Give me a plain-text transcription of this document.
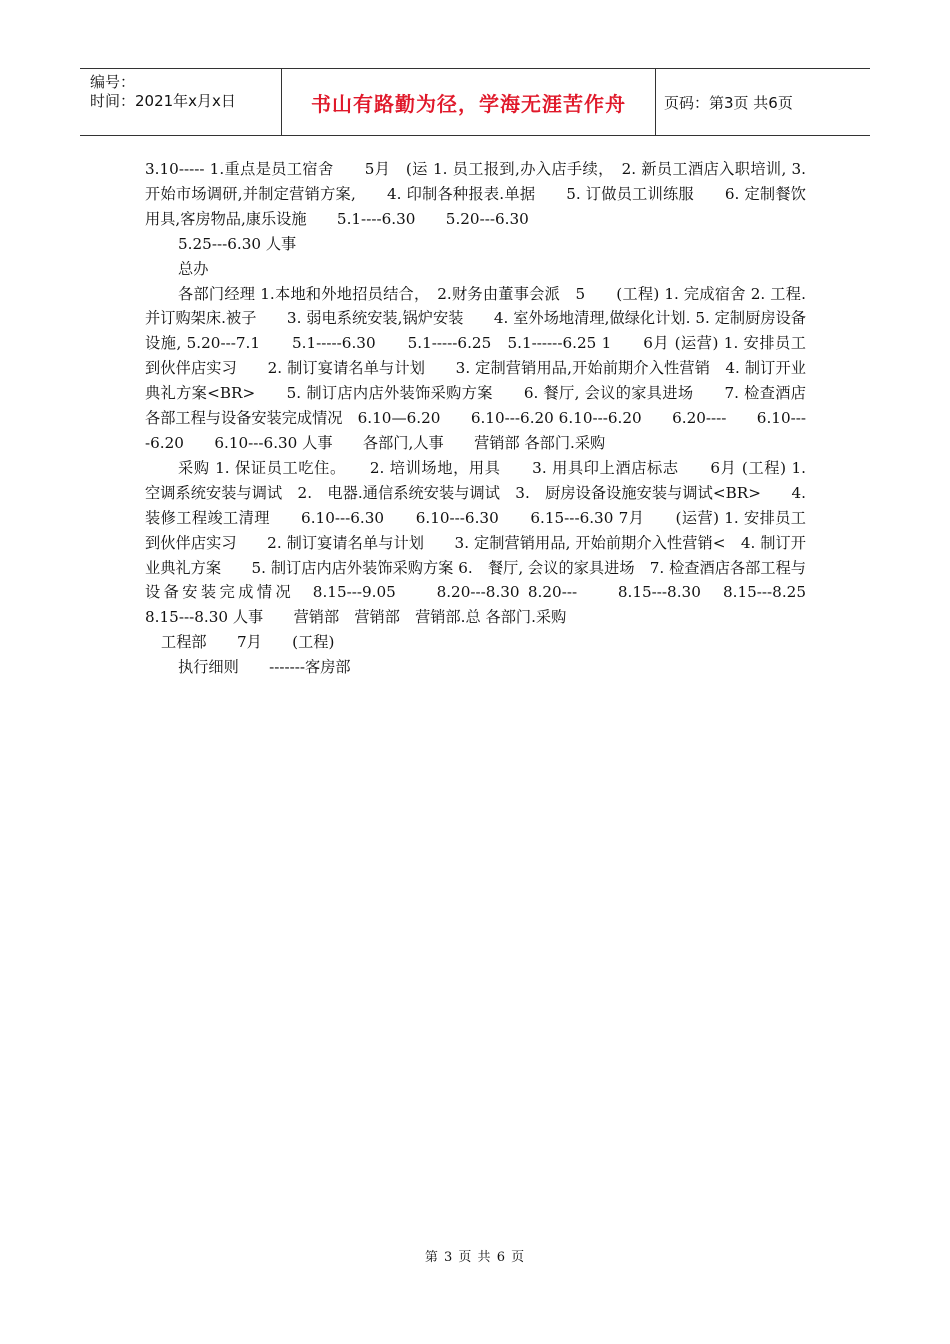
编号：
时间：2021年x月x日	书山有路勤为径，学海无涯苦作舟	页码：第3页 共6页

3.10----- 1.重点是员工宿舍　　5月　(运 1. 员工报到,办入店手续，　2. 新员工酒店入职培训, 3. 开始市场调研,并制定营销方案,　　4. 印制各种报表.单据　　5. 订做员工训练服　　6. 定制餐饮用具,客房物品,康乐设施　　5.1----6.30　　5.20---6.30

5.25---6.30 人事

总办

各部门经理 1.本地和外地招员结合，　2.财务由董事会派　5　　(工程) 1. 完成宿舍 2. 工程.并订购架床.被子　　3. 弱电系统安装,锅炉安装　　4. 室外场地清理,做绿化计划. 5. 定制厨房设备设施, 5.20---7.1　　5.1-----6.30　　5.1-----6.25　5.1------6.25 1　　6月 (运营) 1. 安排员工到伙伴店实习　　2. 制订宴请名单与计划　　3. 定制营销用品,开始前期介入性营销　4. 制订开业典礼方案<BR>　　5. 制订店内店外装饰采购方案　　6. 餐厅, 会议的家具进场　　7. 检查酒店各部工程与设备安装完成情况　6.10—6.20　　6.10---6.20 6.10---6.20　　6.20----　　6.10----6.20　　6.10---6.30 人事　　各部门,人事　　营销部 各部门.采购

采购 1. 保证员工吃住。　　2. 培训场地，用具　　3. 用具印上酒店标志　　6月 (工程) 1.　空调系统安装与调试　2.　电器.通信系统安装与调试　3.　厨房设备设施安装与调试<BR>　　4.　装修工程竣工清理　　6.10---6.30　　6.10---6.30　　6.15---6.30 7月　　(运营) 1. 安排员工到伙伴店实习　　2. 制订宴请名单与计划　　3. 定制营销用品, 开始前期介入性营销<　4. 制订开业典礼方案　　5. 制订店内店外装饰采购方案 6.　餐厅, 会议的家具进场　7. 检查酒店各部工程与设备安装完成情况　8.15---9.05　　8.20---8.30 8.20---　　8.15---8.30　8.15---8.25　　8.15---8.30 人事　　营销部　营销部　营销部.总 各部门.采购

工程部　　7月　　(工程)

执行细则　　-------客房部

第 3 页 共 6 页
